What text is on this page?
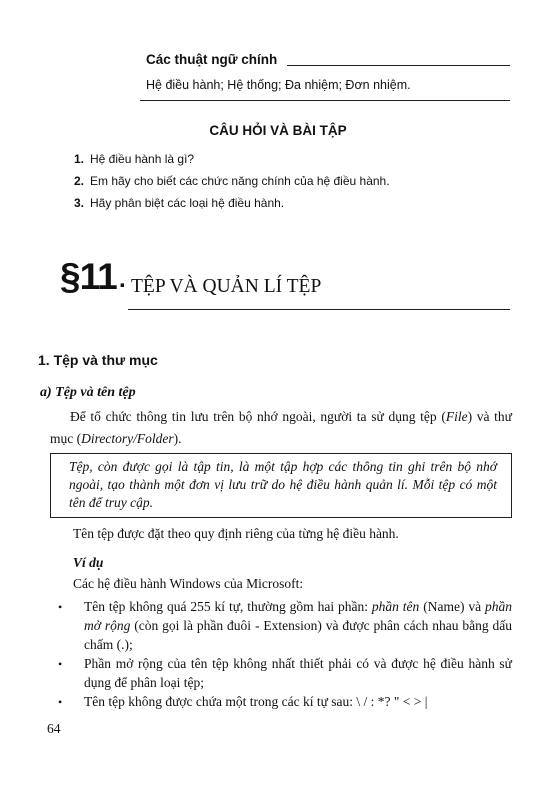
Các thuật ngữ chính
Hệ điều hành; Hệ thống; Đa nhiệm; Đơn nhiệm.
CÂU HỎI VÀ BÀI TẬP
1. Hệ điều hành là gì?
2. Em hãy cho biết các chức năng chính của hệ điều hành.
3. Hãy phân biệt các loại hệ điều hành.
§11 . TỆP VÀ QUẢN LÍ TỆP
1. Tệp và thư mục
a) Tệp và tên tệp
Để tổ chức thông tin lưu trên bộ nhớ ngoài, người ta sử dụng tệp (File) và thư mục (Directory/Folder).
Tệp, còn được gọi là tập tin, là một tập hợp các thông tin ghi trên bộ nhớ ngoài, tạo thành một đơn vị lưu trữ do hệ điều hành quản lí. Mỗi tệp có một tên để truy cập.
Tên tệp được đặt theo quy định riêng của từng hệ điều hành.
Ví dụ
Các hệ điều hành Windows của Microsoft:
• Tên tệp không quá 255 kí tự, thường gồm hai phần: phần tên (Name) và phần mở rộng (còn gọi là phần đuôi - Extension) và được phân cách nhau bằng dấu chấm (.);
• Phần mở rộng của tên tệp không nhất thiết phải có và được hệ điều hành sử dụng để phân loại tệp;
• Tên tệp không được chứa một trong các kí tự sau: \ / : *? " < > |
64
